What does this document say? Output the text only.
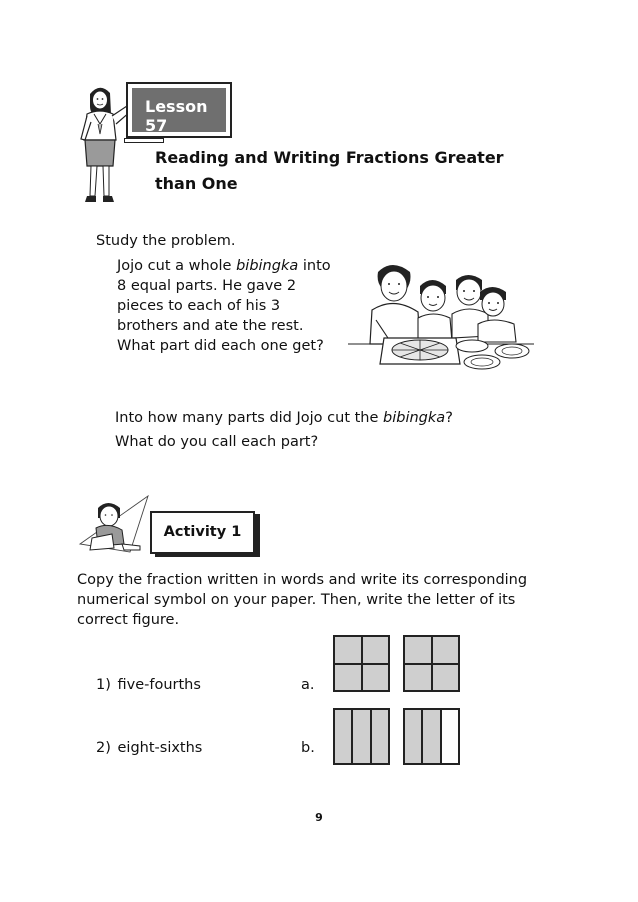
Lesson 57
Reading and Writing Fractions Greater than One
Study the problem.
Jojo cut a whole bibingka into
8 equal parts. He gave 2
pieces to each of his 3
brothers and ate the rest.
What part did each one get?
Into how many parts did Jojo cut the bibingka?
What do you call each part?
Activity 1
Copy the fraction written in words and write its corresponding numerical symbol on your paper. Then, write the letter of its correct figure.
1) five-fourths
2) eight-sixths
a.
b.
9
